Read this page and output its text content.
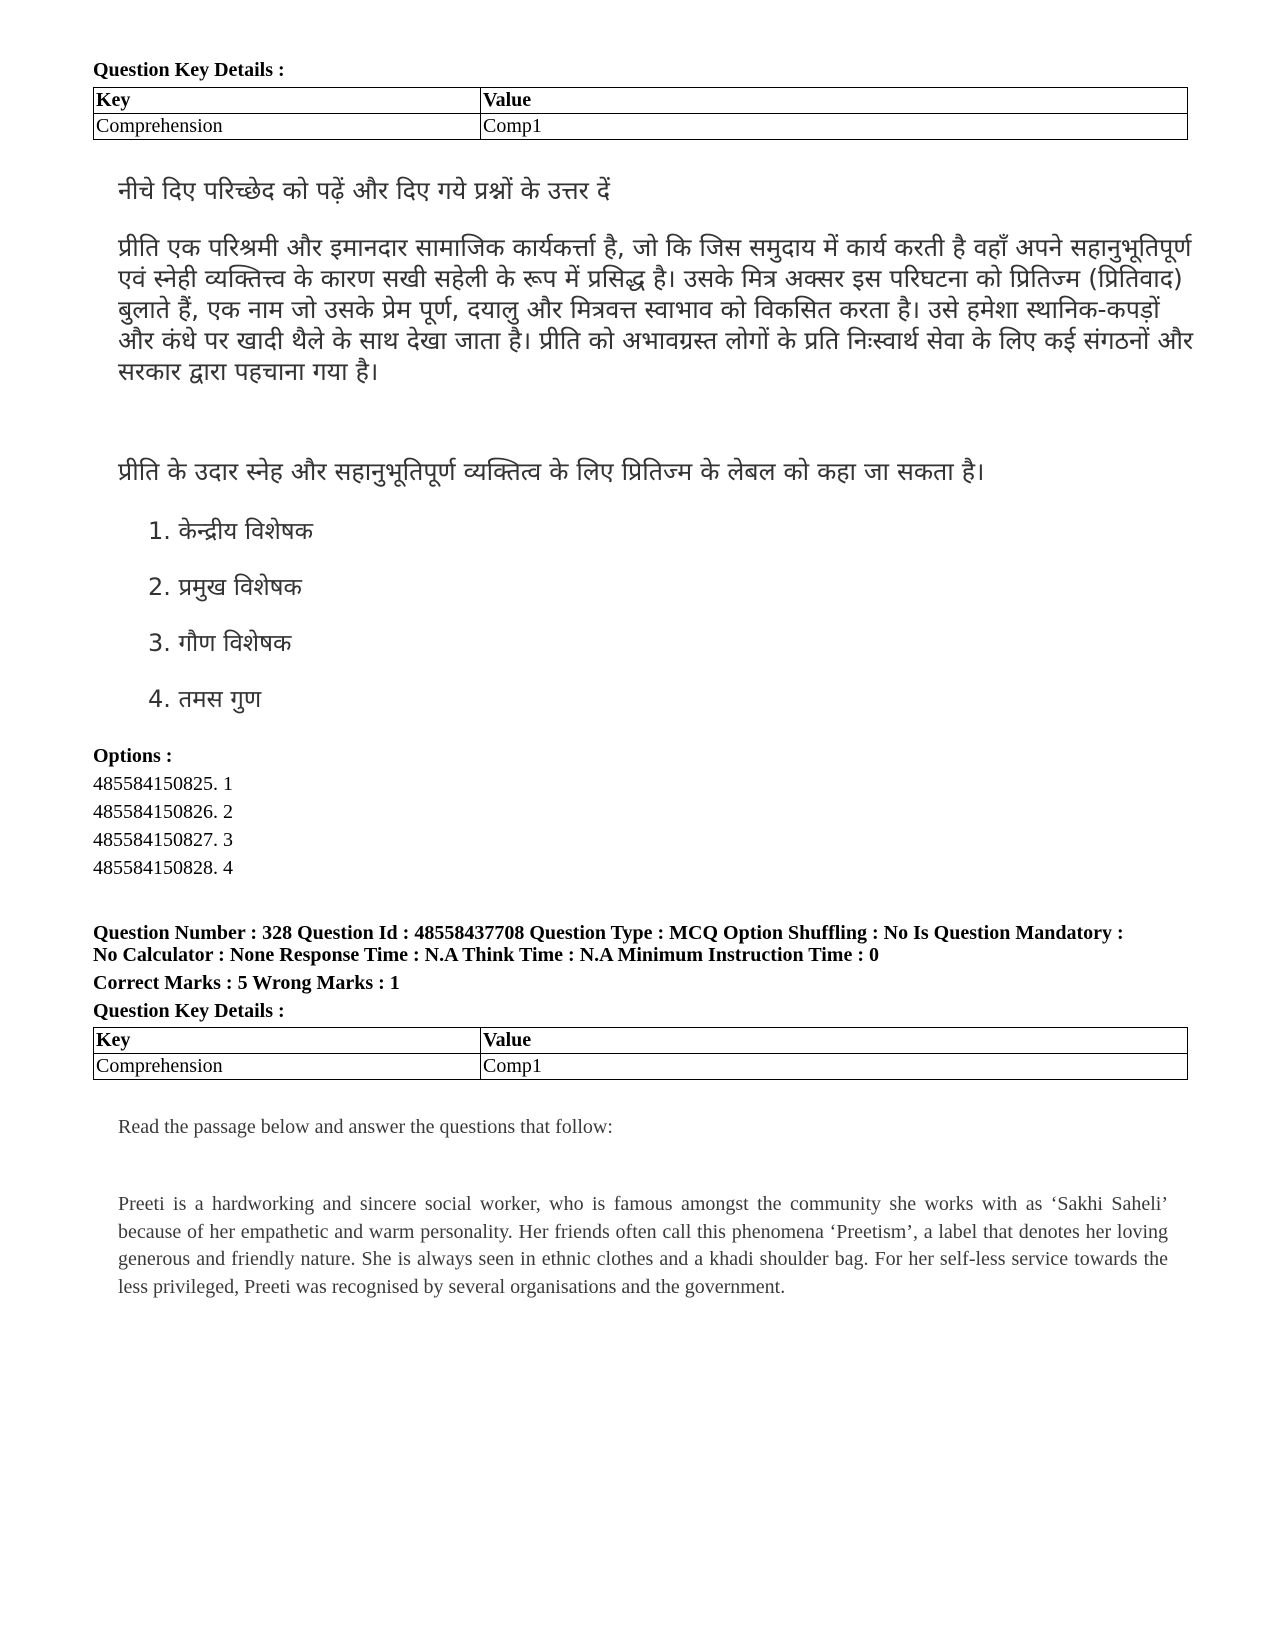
Question Key Details :
Key	Value
Comprehension	Comp1
नीचे दिए परिच्छेद को पढ़ें और दिए गये प्रश्नों के उत्तर दें
प्रीति एक परिश्रमी और इमानदार सामाजिक कार्यकर्त्ता है, जो कि जिस समुदाय में कार्य करती है वहाँ अपने सहानुभूतिपूर्ण
एवं स्नेही व्यक्तित्त्व के कारण सखी सहेली के रूप में प्रसिद्ध है। उसके मित्र अक्सर इस परिघटना को प्रितिज्म (प्रितिवाद)
बुलाते हैं, एक नाम जो उसके प्रेम पूर्ण, दयालु और मित्रवत्त स्वाभाव को विकसित करता है। उसे हमेशा स्थानिक-कपड़ों
और कंधे पर खादी थैले के साथ देखा जाता है। प्रीति को अभावग्रस्त लोगों के प्रति निःस्वार्थ सेवा के लिए कई संगठनों और
सरकार द्वारा पहचाना गया है।
प्रीति के उदार स्नेह और सहानुभूतिपूर्ण व्यक्तित्व के लिए प्रितिज्म के लेबल को कहा जा सकता है।
1. केन्द्रीय विशेषक
2. प्रमुख विशेषक
3. गौण विशेषक
4. तमस गुण
Options :
485584150825. 1
485584150826. 2
485584150827. 3
485584150828. 4
Question Number : 328 Question Id : 48558437708 Question Type : MCQ Option Shuffling : No Is Question Mandatory :
No Calculator : None Response Time : N.A Think Time : N.A Minimum Instruction Time : 0
Correct Marks : 5 Wrong Marks : 1
Question Key Details :
Key	Value
Comprehension	Comp1
Read the passage below and answer the questions that follow:
Preeti is a hardworking and sincere social worker, who is famous amongst the community she works with as ‘Sakhi Saheli’ because of her empathetic and warm personality. Her friends often call this phenomena ‘Preetism’, a label that denotes her loving generous and friendly nature. She is always seen in ethnic clothes and a khadi shoulder bag. For her self-less service towards the less privileged, Preeti was recognised by several organisations and the government.
